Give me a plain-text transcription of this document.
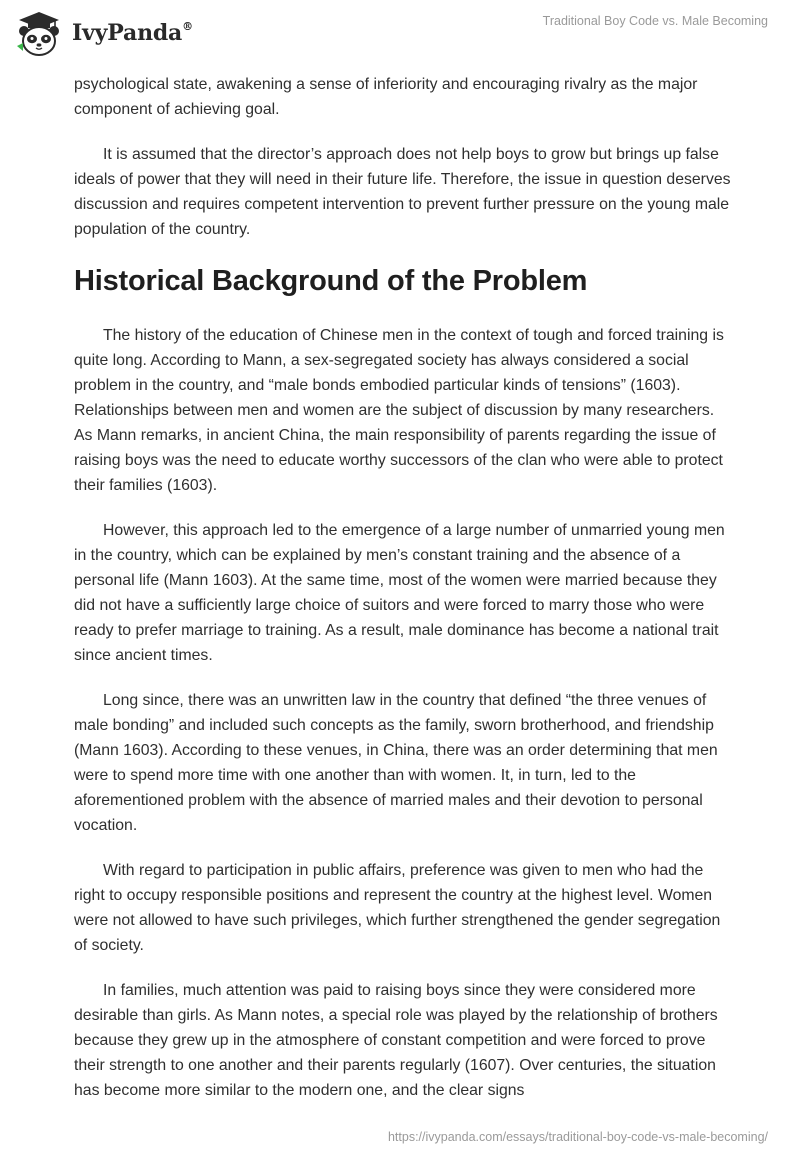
IvyPanda®	Traditional Boy Code vs. Male Becoming

psychological state, awakening a sense of inferiority and encouraging rivalry as the major component of achieving goal.

It is assumed that the director’s approach does not help boys to grow but brings up false ideals of power that they will need in their future life. Therefore, the issue in question deserves discussion and requires competent intervention to prevent further pressure on the young male population of the country.

Historical Background of the Problem

The history of the education of Chinese men in the context of tough and forced training is quite long. According to Mann, a sex-segregated society has always considered a social problem in the country, and “male bonds embodied particular kinds of tensions” (1603). Relationships between men and women are the subject of discussion by many researchers. As Mann remarks, in ancient China, the main responsibility of parents regarding the issue of raising boys was the need to educate worthy successors of the clan who were able to protect their families (1603).

However, this approach led to the emergence of a large number of unmarried young men in the country, which can be explained by men’s constant training and the absence of a personal life (Mann 1603). At the same time, most of the women were married because they did not have a sufficiently large choice of suitors and were forced to marry those who were ready to prefer marriage to training. As a result, male dominance has become a national trait since ancient times.

Long since, there was an unwritten law in the country that defined “the three venues of male bonding” and included such concepts as the family, sworn brotherhood, and friendship (Mann 1603). According to these venues, in China, there was an order determining that men were to spend more time with one another than with women. It, in turn, led to the aforementioned problem with the absence of married males and their devotion to personal vocation.

With regard to participation in public affairs, preference was given to men who had the right to occupy responsible positions and represent the country at the highest level. Women were not allowed to have such privileges, which further strengthened the gender segregation of society.

In families, much attention was paid to raising boys since they were considered more desirable than girls. As Mann notes, a special role was played by the relationship of brothers because they grew up in the atmosphere of constant competition and were forced to prove their strength to one another and their parents regularly (1607). Over centuries, the situation has become more similar to the modern one, and the clear signs

https://ivypanda.com/essays/traditional-boy-code-vs-male-becoming/
